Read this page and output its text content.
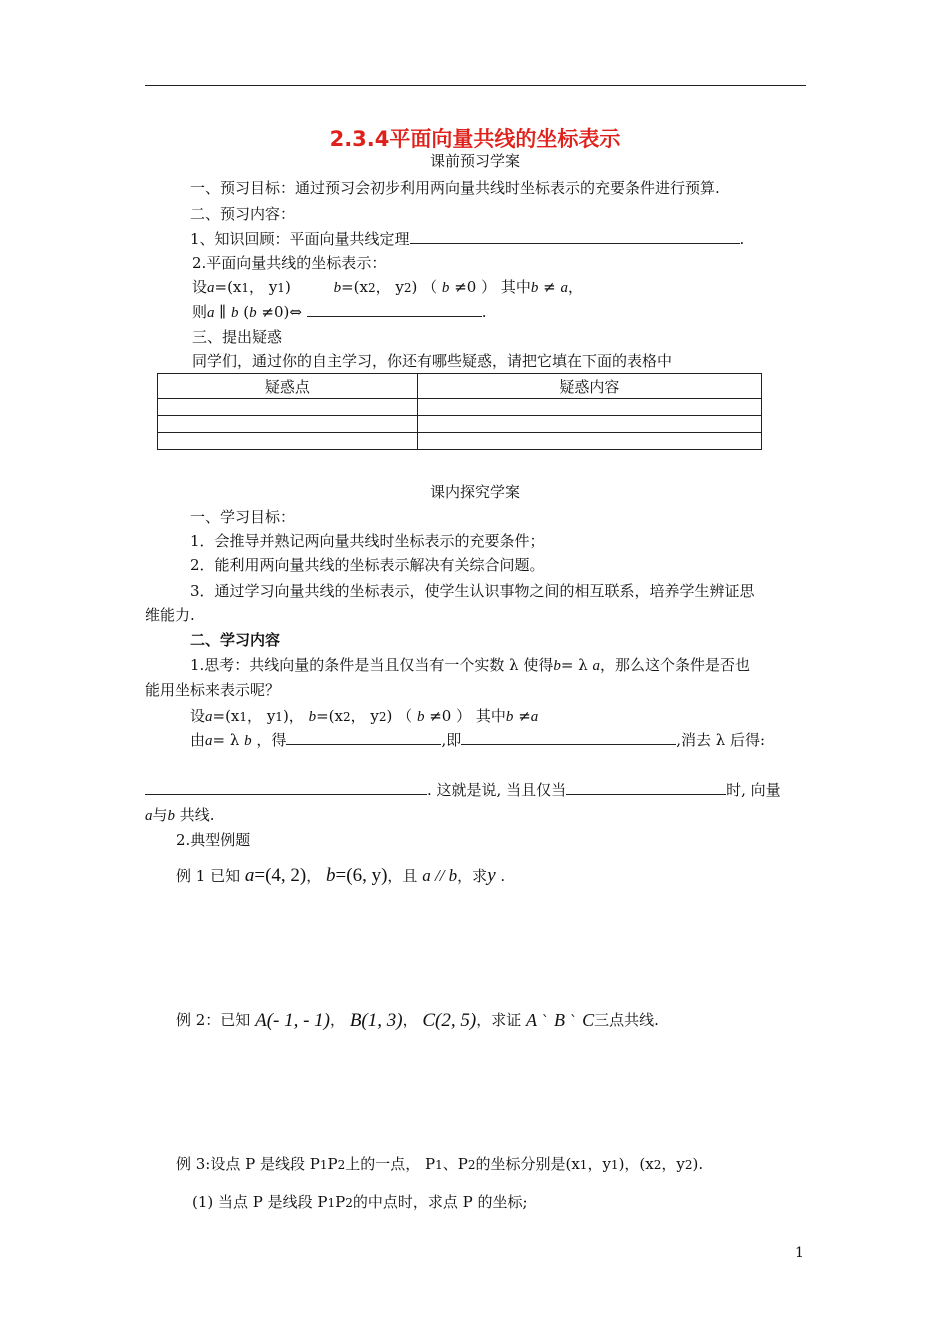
2.3.4平面向量共线的坐标表示
课前预习学案
一、预习目标：通过预习会初步利用两向量共线时坐标表示的充要条件进行预算.
二、预习内容：
1、知识回顾：平面向量共线定理	.
2.平面向量共线的坐标表示：
设a=(x1， y1)	b=(x2， y2) （ b ≠0 ） 其中b ≠ a，
则a ∥ b (b ≠0)⇔	.
三、提出疑惑
同学们，通过你的自主学习，你还有哪些疑惑，请把它填在下面的表格中
疑惑点	疑惑内容

课内探究学案
一、学习目标：
1．会推导并熟记两向量共线时坐标表示的充要条件；
2．能利用两向量共线的坐标表示解决有关综合问题。
3．通过学习向量共线的坐标表示，使学生认识事物之间的相互联系，培养学生辨证思
维能力.
二、学习内容
1.思考：共线向量的条件是当且仅当有一个实数 λ 使得b= λ a，那么这个条件是否也
能用坐标来表示呢？
设a=(x1， y1)， b=(x2， y2) （ b ≠0 ） 其中b ≠a
由a= λ b ，得	,即	,消去 λ 后得:
. 这就是说, 当且仅当	时, 向量
a与b 共线.
2.典型例题
例 1 已知 a=(4, 2)， b=(6, y)，且 a // b，求y .
例 2：已知 A(- 1, - 1)， B(1, 3)， C(2, 5)，求证 A ` B ` C三点共线.
例 3:设点 P 是线段 P1P2上的一点， P1、P2的坐标分别是(x1，y1)，(x2，y2).
(1) 当点 P 是线段 P1P2的中点时，求点 P 的坐标;
1
